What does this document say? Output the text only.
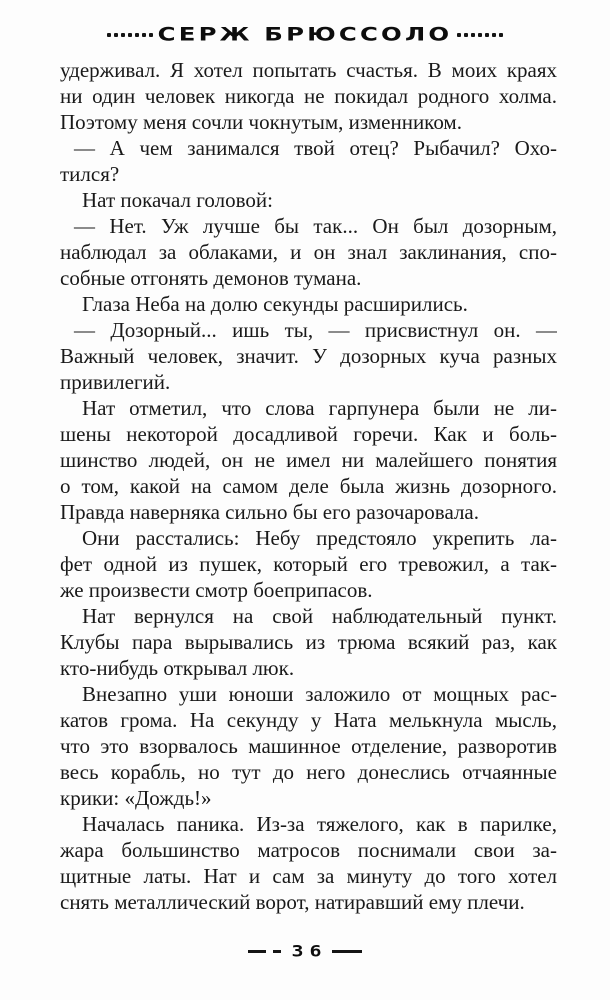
СЕРЖ БРЮССОЛО
удерживал. Я хотел попытать счастья. В моих краях
ни один человек никогда не покидал родного холма.
Поэтому меня сочли чокнутым, изменником.
— А чем занимался твой отец? Рыбачил? Охо-
тился?
Нат покачал головой:
— Нет. Уж лучше бы так... Он был дозорным,
наблюдал за облаками, и он знал заклинания, спо-
собные отгонять демонов тумана.
Глаза Неба на долю секунды расширились.
— Дозорный... ишь ты, — присвистнул он. —
Важный человек, значит. У дозорных куча разных
привилегий.
Нат отметил, что слова гарпунера были не ли-
шены некоторой досадливой горечи. Как и боль-
шинство людей, он не имел ни малейшего понятия
о том, какой на самом деле была жизнь дозорного.
Правда наверняка сильно бы его разочаровала.
Они расстались: Небу предстояло укрепить ла-
фет одной из пушек, который его тревожил, а так-
же произвести смотр боеприпасов.
Нат вернулся на свой наблюдательный пункт.
Клубы пара вырывались из трюма всякий раз, как
кто-нибудь открывал люк.
Внезапно уши юноши заложило от мощных рас-
катов грома. На секунду у Ната мелькнула мысль,
что это взорвалось машинное отделение, разворотив
весь корабль, но тут до него донеслись отчаянные
крики: «Дождь!»
Началась паника. Из-за тяжелого, как в парилке,
жара большинство матросов поснимали свои за-
щитные латы. Нат и сам за минуту до того хотел
снять металлический ворот, натиравший ему плечи.
36
